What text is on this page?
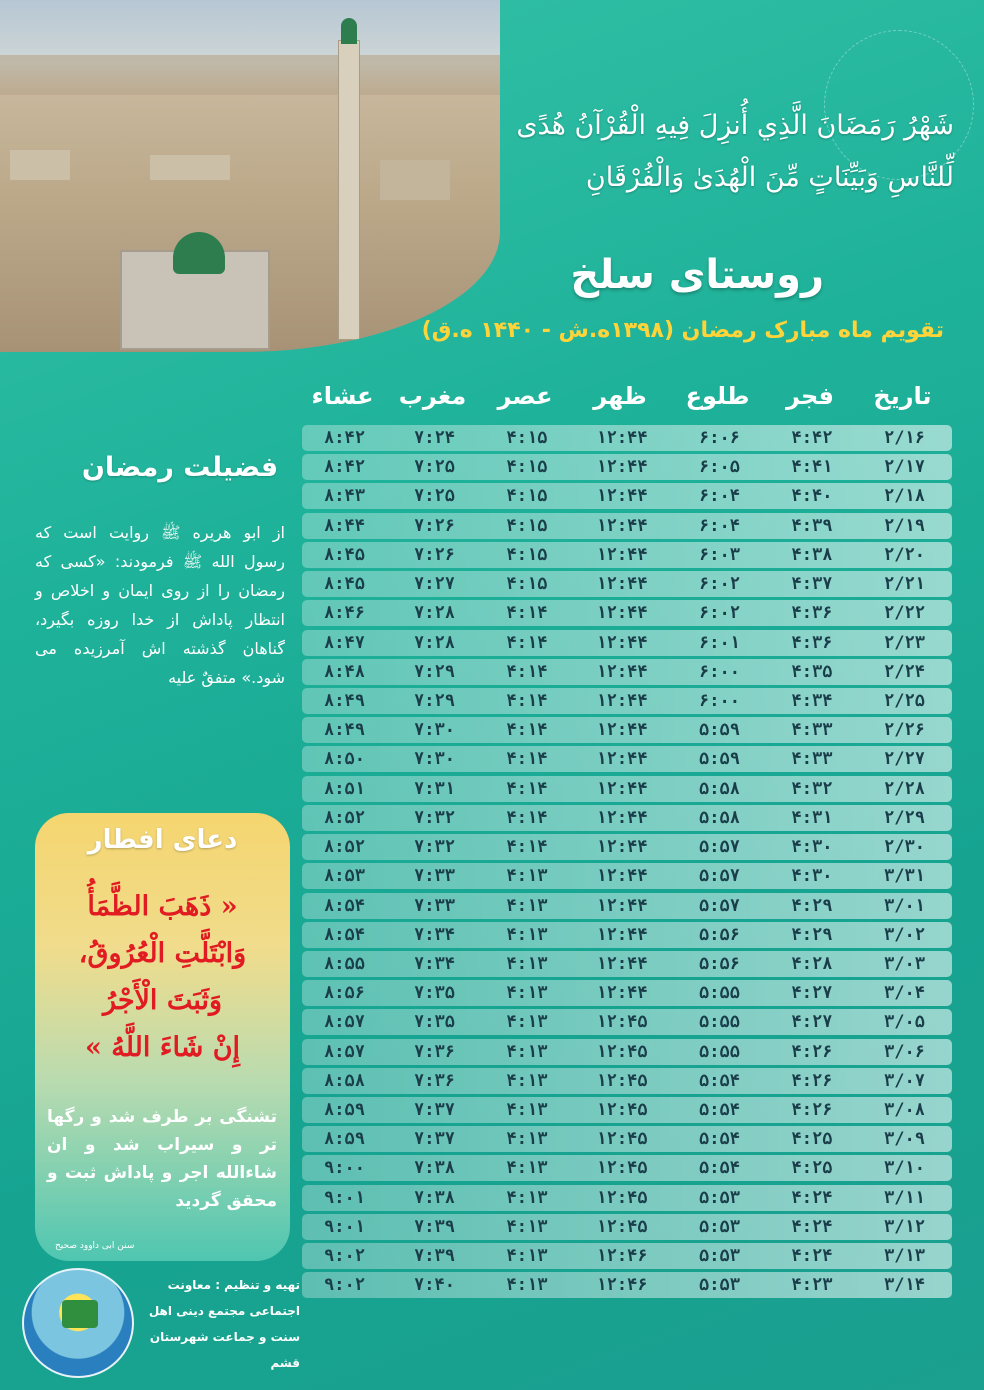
شَهْرُ رَمَضَانَ الَّذِي أُنزِلَ فِيهِ الْقُرْآنُ هُدًى
لِّلنَّاسِ وَبَيِّنَاتٍ مِّنَ الْهُدَىٰ وَالْفُرْقَانِ
روستای سلخ
تقویم ماه مبارک رمضان (۱۳۹۸ه.ش - ۱۴۴۰ ه.ق)
تاریخ
فجر
طلوع
ظهر
عصر
مغرب
عشاء
۲/۱۶
۴:۴۲
۶:۰۶
۱۲:۴۴
۴:۱۵
۷:۲۴
۸:۴۲
۲/۱۷
۴:۴۱
۶:۰۵
۱۲:۴۴
۴:۱۵
۷:۲۵
۸:۴۲
۲/۱۸
۴:۴۰
۶:۰۴
۱۲:۴۴
۴:۱۵
۷:۲۵
۸:۴۳
۲/۱۹
۴:۳۹
۶:۰۴
۱۲:۴۴
۴:۱۵
۷:۲۶
۸:۴۴
۲/۲۰
۴:۳۸
۶:۰۳
۱۲:۴۴
۴:۱۵
۷:۲۶
۸:۴۵
۲/۲۱
۴:۳۷
۶:۰۲
۱۲:۴۴
۴:۱۵
۷:۲۷
۸:۴۵
۲/۲۲
۴:۳۶
۶:۰۲
۱۲:۴۴
۴:۱۴
۷:۲۸
۸:۴۶
۲/۲۳
۴:۳۶
۶:۰۱
۱۲:۴۴
۴:۱۴
۷:۲۸
۸:۴۷
۲/۲۴
۴:۳۵
۶:۰۰
۱۲:۴۴
۴:۱۴
۷:۲۹
۸:۴۸
۲/۲۵
۴:۳۴
۶:۰۰
۱۲:۴۴
۴:۱۴
۷:۲۹
۸:۴۹
۲/۲۶
۴:۳۳
۵:۵۹
۱۲:۴۴
۴:۱۴
۷:۳۰
۸:۴۹
۲/۲۷
۴:۳۳
۵:۵۹
۱۲:۴۴
۴:۱۴
۷:۳۰
۸:۵۰
۲/۲۸
۴:۳۲
۵:۵۸
۱۲:۴۴
۴:۱۴
۷:۳۱
۸:۵۱
۲/۲۹
۴:۳۱
۵:۵۸
۱۲:۴۴
۴:۱۴
۷:۳۲
۸:۵۲
۲/۳۰
۴:۳۰
۵:۵۷
۱۲:۴۴
۴:۱۴
۷:۳۲
۸:۵۲
۳/۳۱
۴:۳۰
۵:۵۷
۱۲:۴۴
۴:۱۳
۷:۳۳
۸:۵۳
۳/۰۱
۴:۲۹
۵:۵۷
۱۲:۴۴
۴:۱۳
۷:۳۳
۸:۵۴
۳/۰۲
۴:۲۹
۵:۵۶
۱۲:۴۴
۴:۱۳
۷:۳۴
۸:۵۴
۳/۰۳
۴:۲۸
۵:۵۶
۱۲:۴۴
۴:۱۳
۷:۳۴
۸:۵۵
۳/۰۴
۴:۲۷
۵:۵۵
۱۲:۴۴
۴:۱۳
۷:۳۵
۸:۵۶
۳/۰۵
۴:۲۷
۵:۵۵
۱۲:۴۵
۴:۱۳
۷:۳۵
۸:۵۷
۳/۰۶
۴:۲۶
۵:۵۵
۱۲:۴۵
۴:۱۳
۷:۳۶
۸:۵۷
۳/۰۷
۴:۲۶
۵:۵۴
۱۲:۴۵
۴:۱۳
۷:۳۶
۸:۵۸
۳/۰۸
۴:۲۶
۵:۵۴
۱۲:۴۵
۴:۱۳
۷:۳۷
۸:۵۹
۳/۰۹
۴:۲۵
۵:۵۴
۱۲:۴۵
۴:۱۳
۷:۳۷
۸:۵۹
۳/۱۰
۴:۲۵
۵:۵۴
۱۲:۴۵
۴:۱۳
۷:۳۸
۹:۰۰
۳/۱۱
۴:۲۴
۵:۵۳
۱۲:۴۵
۴:۱۳
۷:۳۸
۹:۰۱
۳/۱۲
۴:۲۴
۵:۵۳
۱۲:۴۵
۴:۱۳
۷:۳۹
۹:۰۱
۳/۱۳
۴:۲۴
۵:۵۳
۱۲:۴۶
۴:۱۳
۷:۳۹
۹:۰۲
۳/۱۴
۴:۲۳
۵:۵۳
۱۲:۴۶
۴:۱۳
۷:۴۰
۹:۰۲
فضیلت رمضان
از ابو هریره ﷺ روایت است که رسول الله ﷺ فرمودند: «کسی که رمضان را از روی ایمان و اخلاص و انتظار پاداش از خدا روزه بگیرد، گناهان گذشته اش آمرزیده می شود.» متفقٌ علیه
دعای افطار
« ذَهَبَ الظَّمَأُ
وَابْتَلَّتِ الْعُرُوقُ،
وَثَبَتَ الْأَجْرُ
إِنْ شَاءَ اللَّهُ »
تشنگی بر طرف شد و رگها تر و سیراب شد و ان شاءالله اجر و پاداش ثبت و محقق گردید
سنن ابی داوود صحیح
تهیه و تنظیم : معاونت
اجتماعی مجتمع دینی اهل
سنت و جماعت شهرستان قشم
